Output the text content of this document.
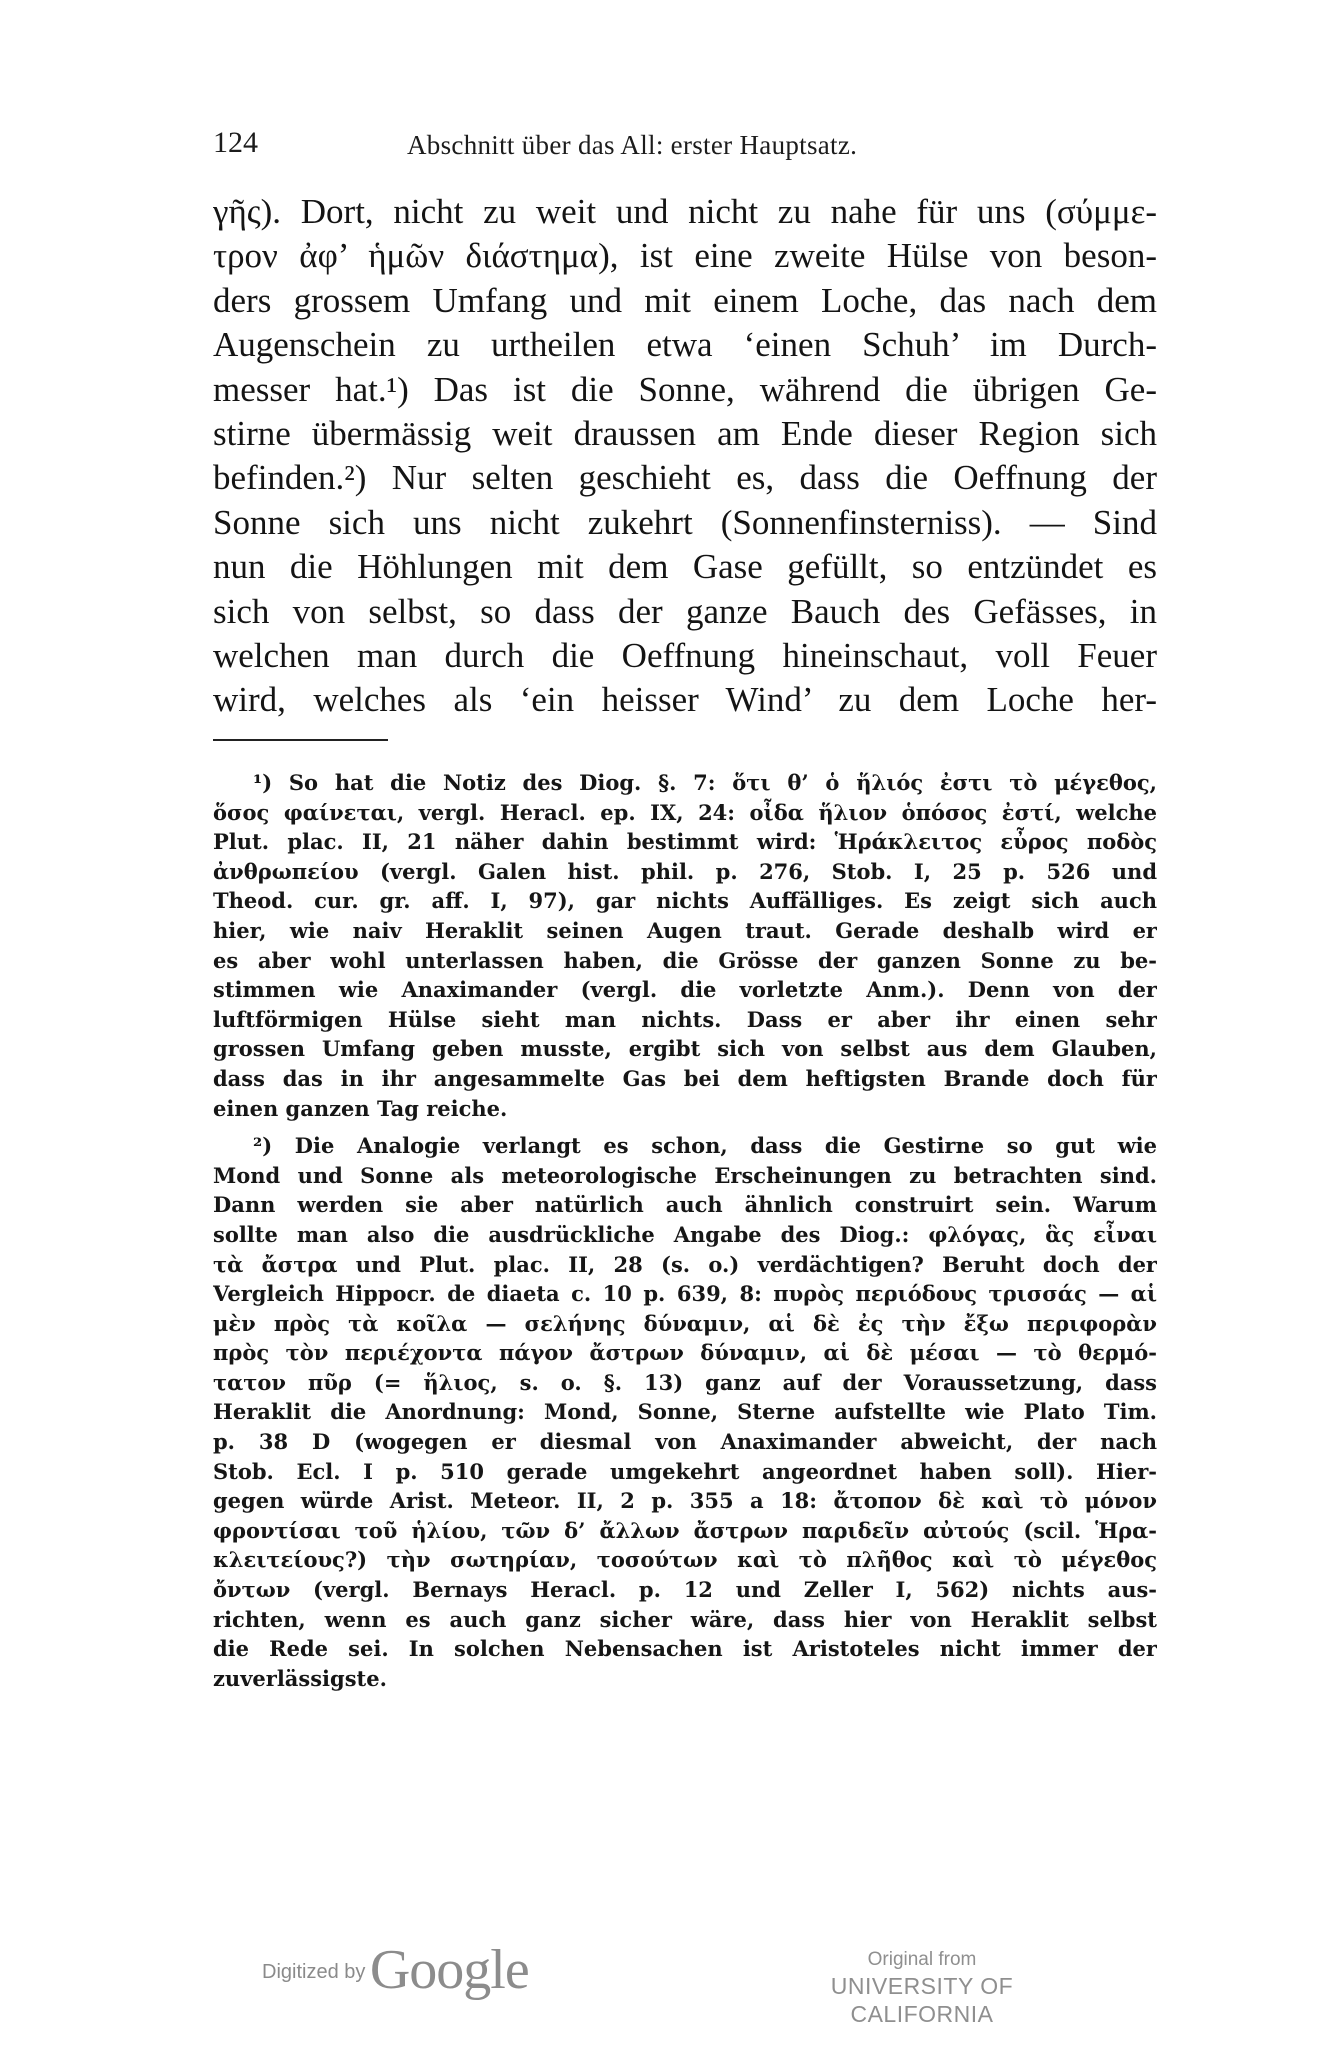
124	Abschnitt über das All: erster Hauptsatz.
γῆς). Dort, nicht zu weit und nicht zu nahe für uns (σύμμε-
τρον ἀφ’ ἡμῶν διάστημα), ist eine zweite Hülse von beson-
ders grossem Umfang und mit einem Loche, das nach dem
Augenschein zu urtheilen etwa ‘einen Schuh’ im Durch-
messer hat.¹) Das ist die Sonne, während die übrigen Ge-
stirne übermässig weit draussen am Ende dieser Region sich
befinden.²) Nur selten geschieht es, dass die Oeffnung der
Sonne sich uns nicht zukehrt (Sonnenfinsterniss). — Sind
nun die Höhlungen mit dem Gase gefüllt, so entzündet es
sich von selbst, so dass der ganze Bauch des Gefässes, in
welchen man durch die Oeffnung hineinschaut, voll Feuer
wird, welches als ‘ein heisser Wind’ zu dem Loche her-
¹) So hat die Notiz des Diog. §. 7: ὅτι θ’ ὁ ἥλιός ἐστι τὸ μέγεθος,
ὅσος φαίνεται, vergl. Heracl. ep. IX, 24: οἶδα ἥλιον ὁπόσος ἐστί, welche
Plut. plac. II, 21 näher dahin bestimmt wird: Ἡράκλειτος εὖρος ποδὸς
ἀνθρωπείου (vergl. Galen hist. phil. p. 276, Stob. I, 25 p. 526 und
Theod. cur. gr. aff. I, 97), gar nichts Auffälliges. Es zeigt sich auch
hier, wie naiv Heraklit seinen Augen traut. Gerade deshalb wird er
es aber wohl unterlassen haben, die Grösse der ganzen Sonne zu be-
stimmen wie Anaximander (vergl. die vorletzte Anm.). Denn von der
luftförmigen Hülse sieht man nichts. Dass er aber ihr einen sehr
grossen Umfang geben musste, ergibt sich von selbst aus dem Glauben,
dass das in ihr angesammelte Gas bei dem heftigsten Brande doch für
einen ganzen Tag reiche.
²) Die Analogie verlangt es schon, dass die Gestirne so gut wie
Mond und Sonne als meteorologische Erscheinungen zu betrachten sind.
Dann werden sie aber natürlich auch ähnlich construirt sein. Warum
sollte man also die ausdrückliche Angabe des Diog.: φλόγας, ἃς εἶναι
τὰ ἄστρα und Plut. plac. II, 28 (s. o.) verdächtigen? Beruht doch der
Vergleich Hippocr. de diaeta c. 10 p. 639, 8: πυρὸς περιόδους τρισσάς — αἱ
μὲν πρὸς τὰ κοῖλα — σελήνης δύναμιν, αἱ δὲ ἐς τὴν ἔξω περιφορὰν
πρὸς τὸν περιέχοντα πάγον ἄστρων δύναμιν, αἱ δὲ μέσαι — τὸ θερμό-
τατον πῦρ (= ἥλιος, s. o. §. 13) ganz auf der Voraussetzung, dass
Heraklit die Anordnung: Mond, Sonne, Sterne aufstellte wie Plato Tim.
p. 38 D (wogegen er diesmal von Anaximander abweicht, der nach
Stob. Ecl. I p. 510 gerade umgekehrt angeordnet haben soll). Hier-
gegen würde Arist. Meteor. II, 2 p. 355 a 18: ἄτοπον δὲ καὶ τὸ μόνον
φροντίσαι τοῦ ἡλίου, τῶν δ’ ἄλλων ἄστρων παριδεῖν αὐτούς (scil. Ἡρα-
κλειτείους?) τὴν σωτηρίαν, τοσούτων καὶ τὸ πλῆθος καὶ τὸ μέγεθος
ὄντων (vergl. Bernays Heracl. p. 12 und Zeller I, 562) nichts aus-
richten, wenn es auch ganz sicher wäre, dass hier von Heraklit selbst
die Rede sei. In solchen Nebensachen ist Aristoteles nicht immer der
zuverlässigste.
Digitized by Google	Original from
UNIVERSITY OF CALIFORNIA
